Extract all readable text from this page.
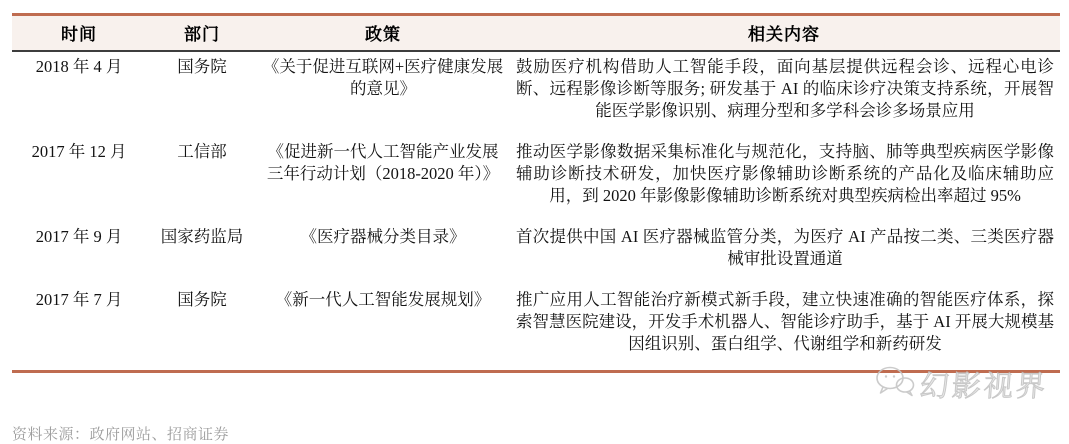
时间	部门	政策	相关内容
2018 年 4 月	国务院	《关于促进互联网+医疗健康发展的意见》	鼓励医疗机构借助人工智能手段，面向基层提供远程会诊、远程心电诊断、远程影像诊断等服务; 研发基于 AI 的临床诊疗决策支持系统，开展智能医学影像识别、病理分型和多学科会诊多场景应用
2017 年 12 月	工信部	《促进新一代人工智能产业发展三年行动计划（2018-2020 年）》	推动医学影像数据采集标准化与规范化，支持脑、肺等典型疾病医学影像辅助诊断技术研发，加快医疗影像辅助诊断系统的产品化及临床辅助应用，到 2020 年影像影像辅助诊断系统对典型疾病检出率超过 95%
2017 年 9 月	国家药监局	《医疗器械分类目录》	首次提供中国 AI 医疗器械监管分类，为医疗 AI 产品按二类、三类医疗器械审批设置通道
2017 年 7 月	国务院	《新一代人工智能发展规划》	推广应用人工智能治疗新模式新手段，建立快速准确的智能医疗体系，探索智慧医院建设，开发手术机器人、智能诊疗助手，基于 AI 开展大规模基因组识别、蛋白组学、代谢组学和新药研发
资料来源：政府网站、招商证券
幻影视界
